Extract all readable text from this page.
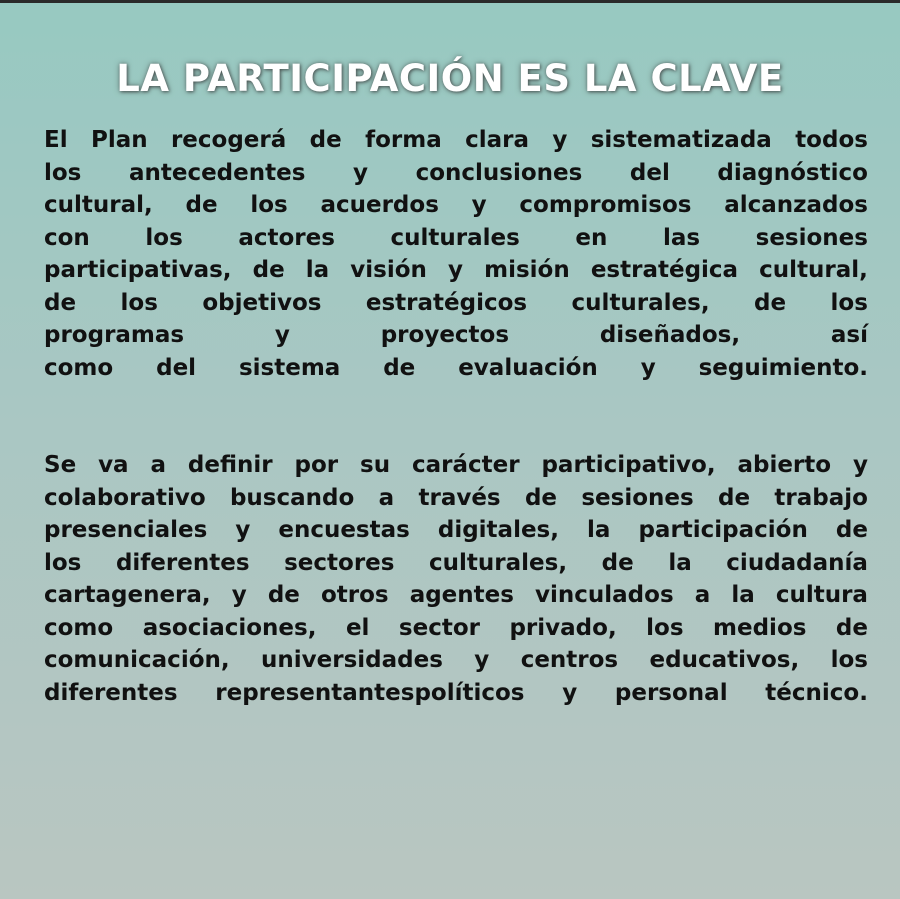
LA PARTICIPACIÓN ES LA CLAVE

El Plan recogerá de forma clara y sistematizada todos
los antecedentes y conclusiones del diagnóstico
cultural, de los acuerdos y compromisos alcanzados
con los actores culturales en las sesiones
participativas, de la visión y misión estratégica cultural,
de los objetivos estratégicos culturales, de los
programas	y	proyectos	diseñados,	así
como del sistema de evaluación y seguimiento.

Se va a definir por su carácter participativo, abierto y
colaborativo buscando a través de sesiones de trabajo
presenciales y encuestas digitales, la participación de
los diferentes sectores culturales, de la ciudadanía
cartagenera, y de otros agentes vinculados a la cultura
como asociaciones, el sector privado, los medios de
comunicación, universidades y centros educativos, los
diferentes representantespolíticos y personal técnico.
